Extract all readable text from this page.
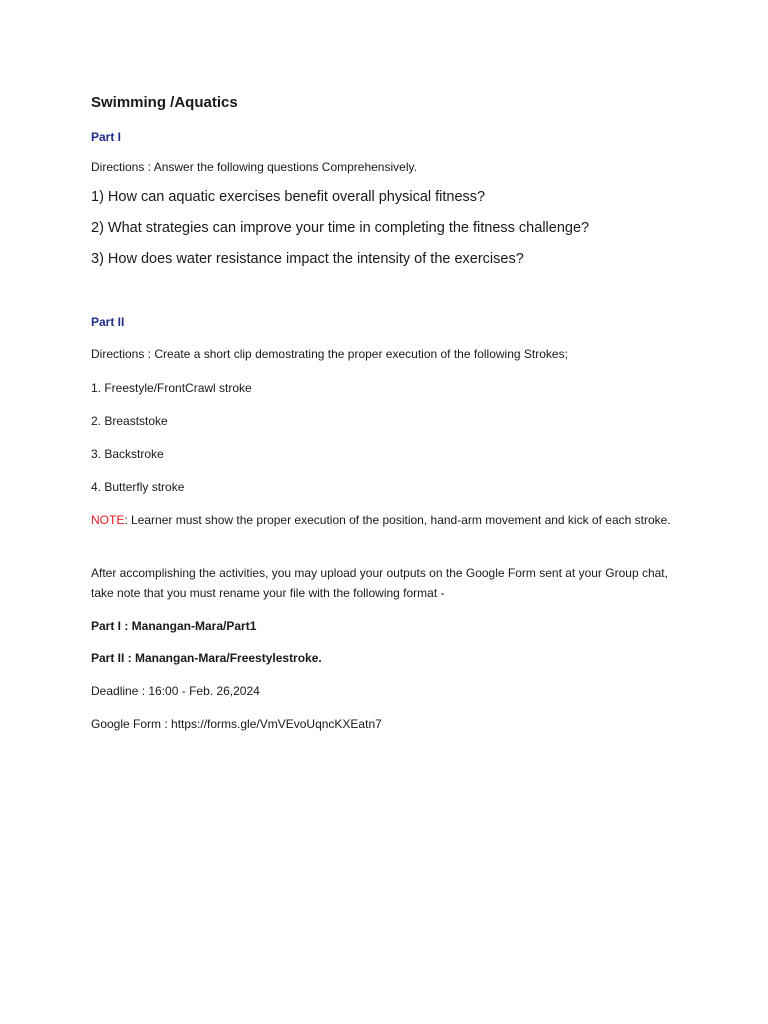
Swimming /Aquatics
Part I
Directions : Answer the following questions Comprehensively.
1) How can aquatic exercises benefit overall physical fitness?
2) What strategies can improve your time in completing the fitness challenge?
3) How does water resistance impact the intensity of the exercises?
Part II
Directions : Create a short clip demostrating the proper execution of the following Strokes;
1. Freestyle/FrontCrawl stroke
2. Breaststoke
3. Backstroke
4. Butterfly stroke
NOTE: Learner must show the proper execution of the position, hand-arm movement and kick of each stroke.
After accomplishing the activities, you may upload your outputs on the Google Form sent at your Group chat, take note that you must rename your file with the following format -
Part I : Manangan-Mara/Part1
Part II : Manangan-Mara/Freestylestroke.
Deadline : 16:00 - Feb. 26,2024
Google Form : https://forms.gle/VmVEvoUqncKXEatn7
